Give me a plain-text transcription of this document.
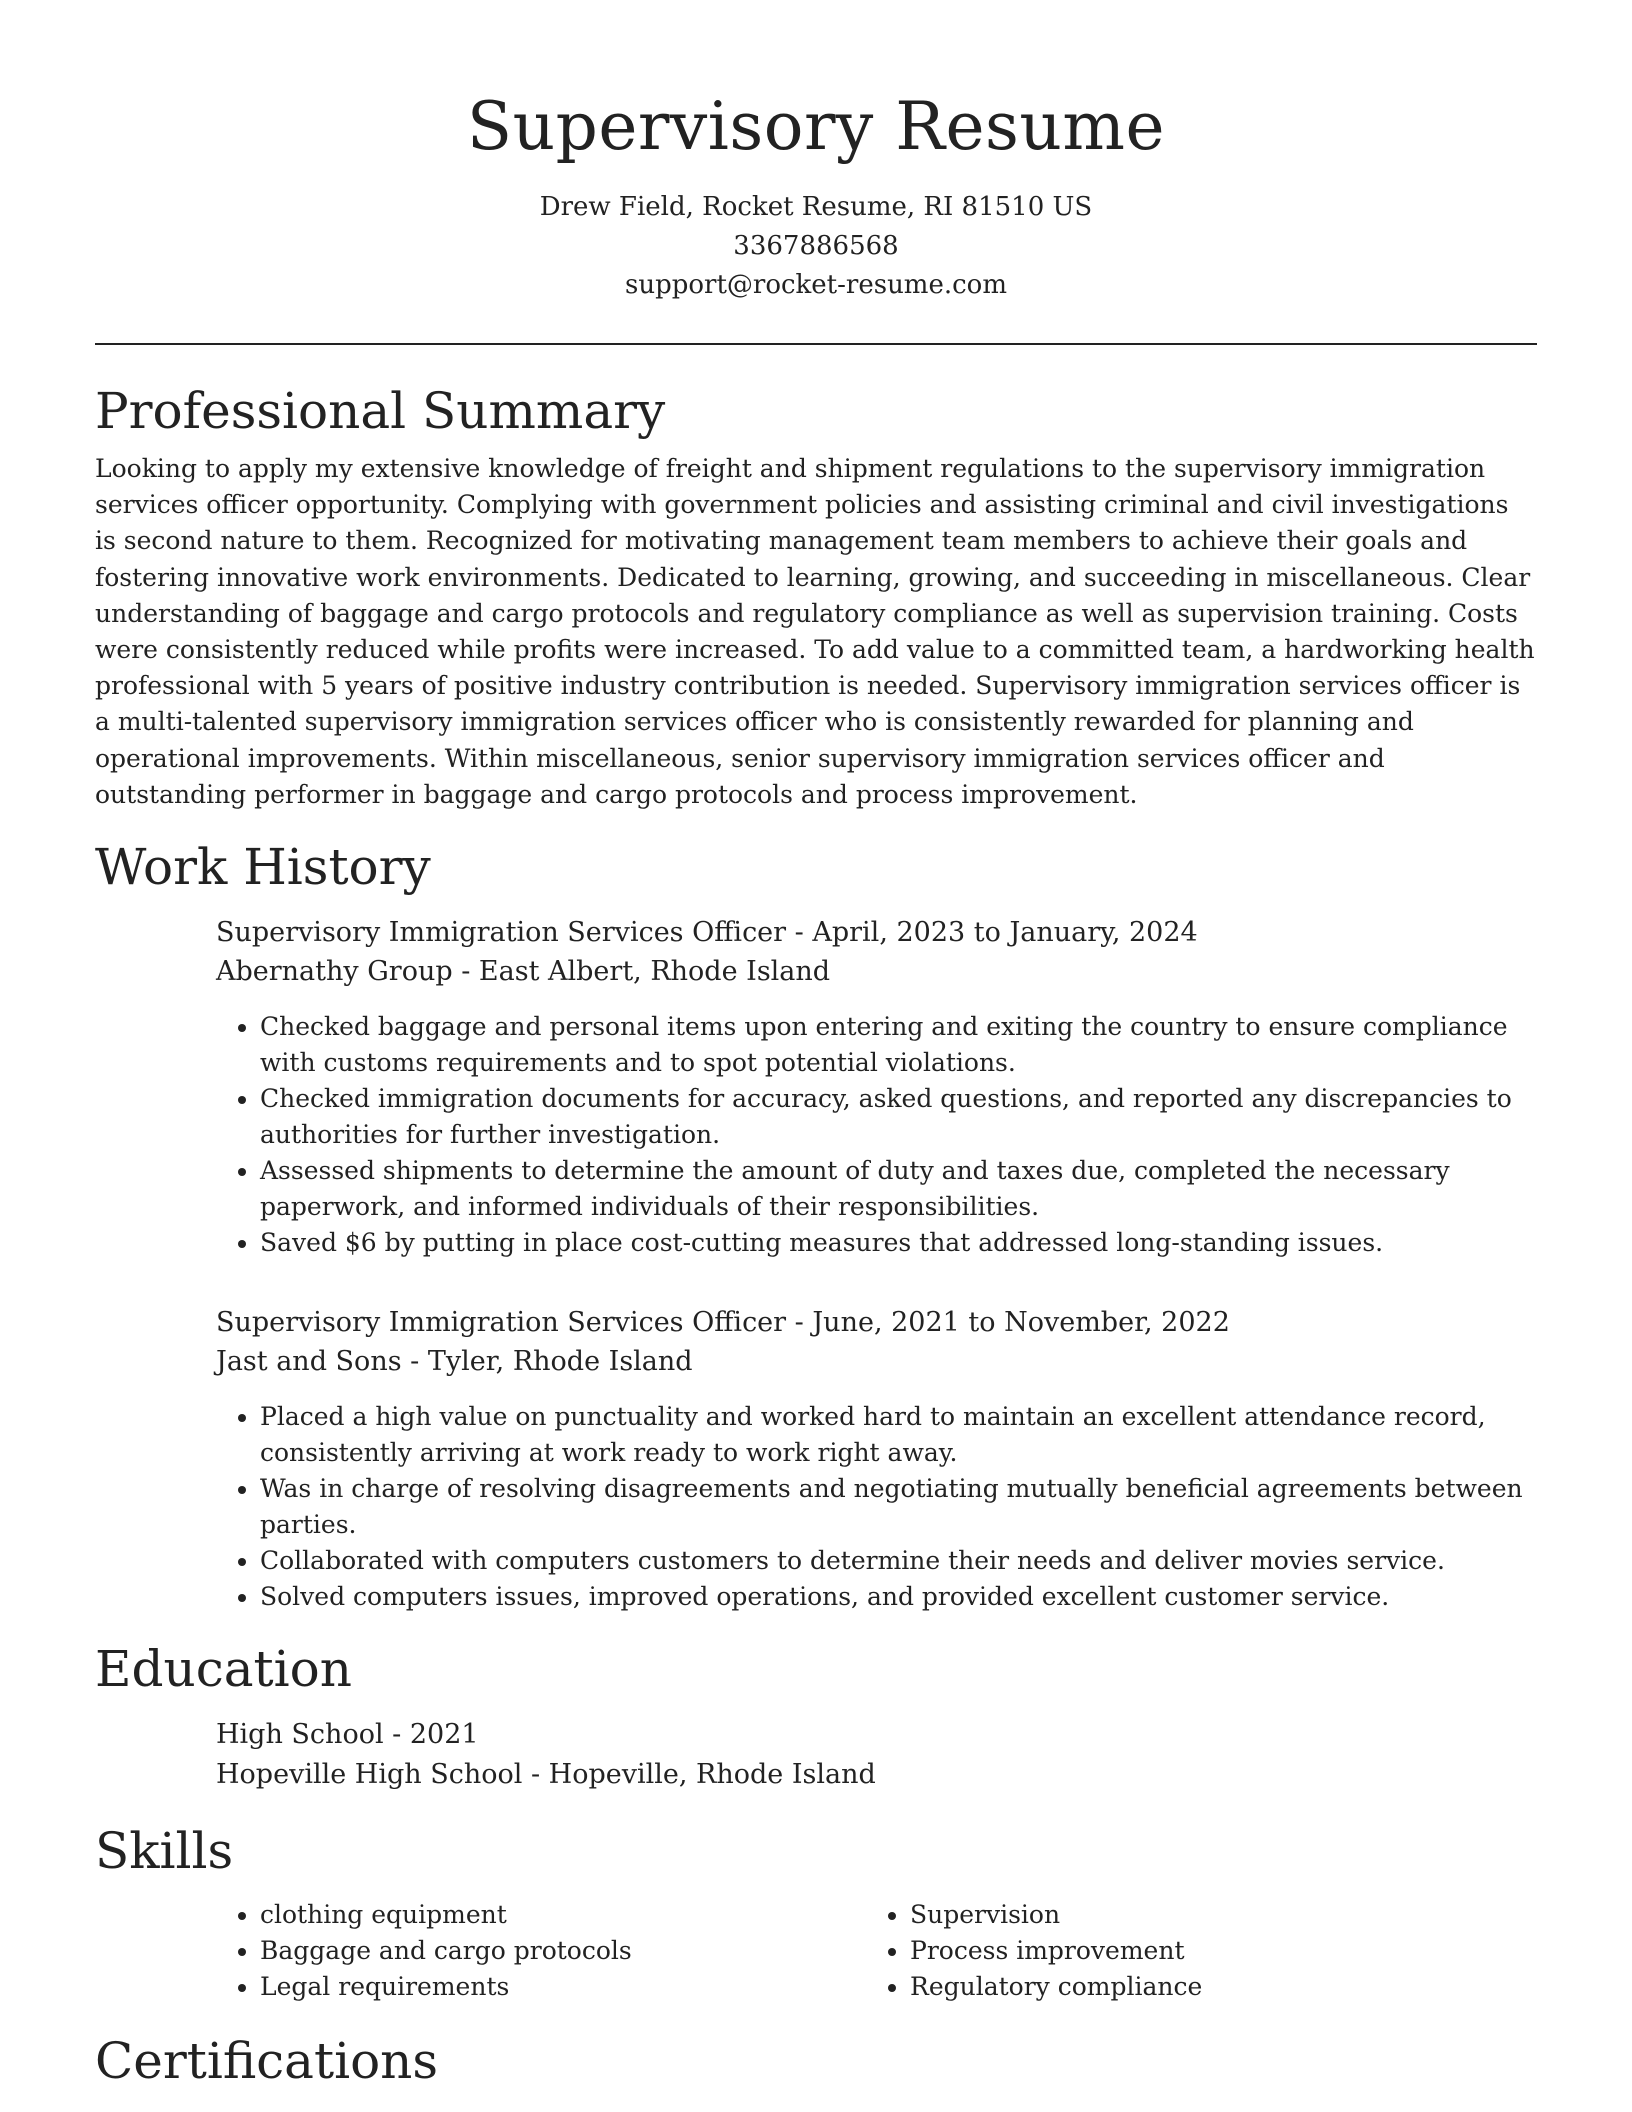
Supervisory Resume

Drew Field, Rocket Resume, RI 81510 US

3367886568

support@rocket-resume.com

Professional Summary

Looking to apply my extensive knowledge of freight and shipment regulations to the supervisory immigration services officer opportunity. Complying with government policies and assisting criminal and civil investigations is second nature to them. Recognized for motivating management team members to achieve their goals and fostering innovative work environments. Dedicated to learning, growing, and succeeding in miscellaneous. Clear understanding of baggage and cargo protocols and regulatory compliance as well as supervision training. Costs were consistently reduced while profits were increased. To add value to a committed team, a hardworking health professional with 5 years of positive industry contribution is needed. Supervisory immigration services officer is a multi-talented supervisory immigration services officer who is consistently rewarded for planning and operational improvements. Within miscellaneous, senior supervisory immigration services officer and outstanding performer in baggage and cargo protocols and process improvement.

Work History

Supervisory Immigration Services Officer - April, 2023 to January, 2024

Abernathy Group - East Albert, Rhode Island

• Checked baggage and personal items upon entering and exiting the country to ensure compliance with customs requirements and to spot potential violations.
• Checked immigration documents for accuracy, asked questions, and reported any discrepancies to authorities for further investigation.
• Assessed shipments to determine the amount of duty and taxes due, completed the necessary paperwork, and informed individuals of their responsibilities.
• Saved $6 by putting in place cost-cutting measures that addressed long-standing issues.

Supervisory Immigration Services Officer - June, 2021 to November, 2022

Jast and Sons - Tyler, Rhode Island

• Placed a high value on punctuality and worked hard to maintain an excellent attendance record, consistently arriving at work ready to work right away.
• Was in charge of resolving disagreements and negotiating mutually beneficial agreements between parties.
• Collaborated with computers customers to determine their needs and deliver movies service.
• Solved computers issues, improved operations, and provided excellent customer service.
Education

High School - 2021

Hopeville High School - Hopeville, Rhode Island

Skills
• clothing equipment
• Baggage and cargo protocols
• Legal requirements
• Supervision
• Process improvement
• Regulatory compliance
Certifications
